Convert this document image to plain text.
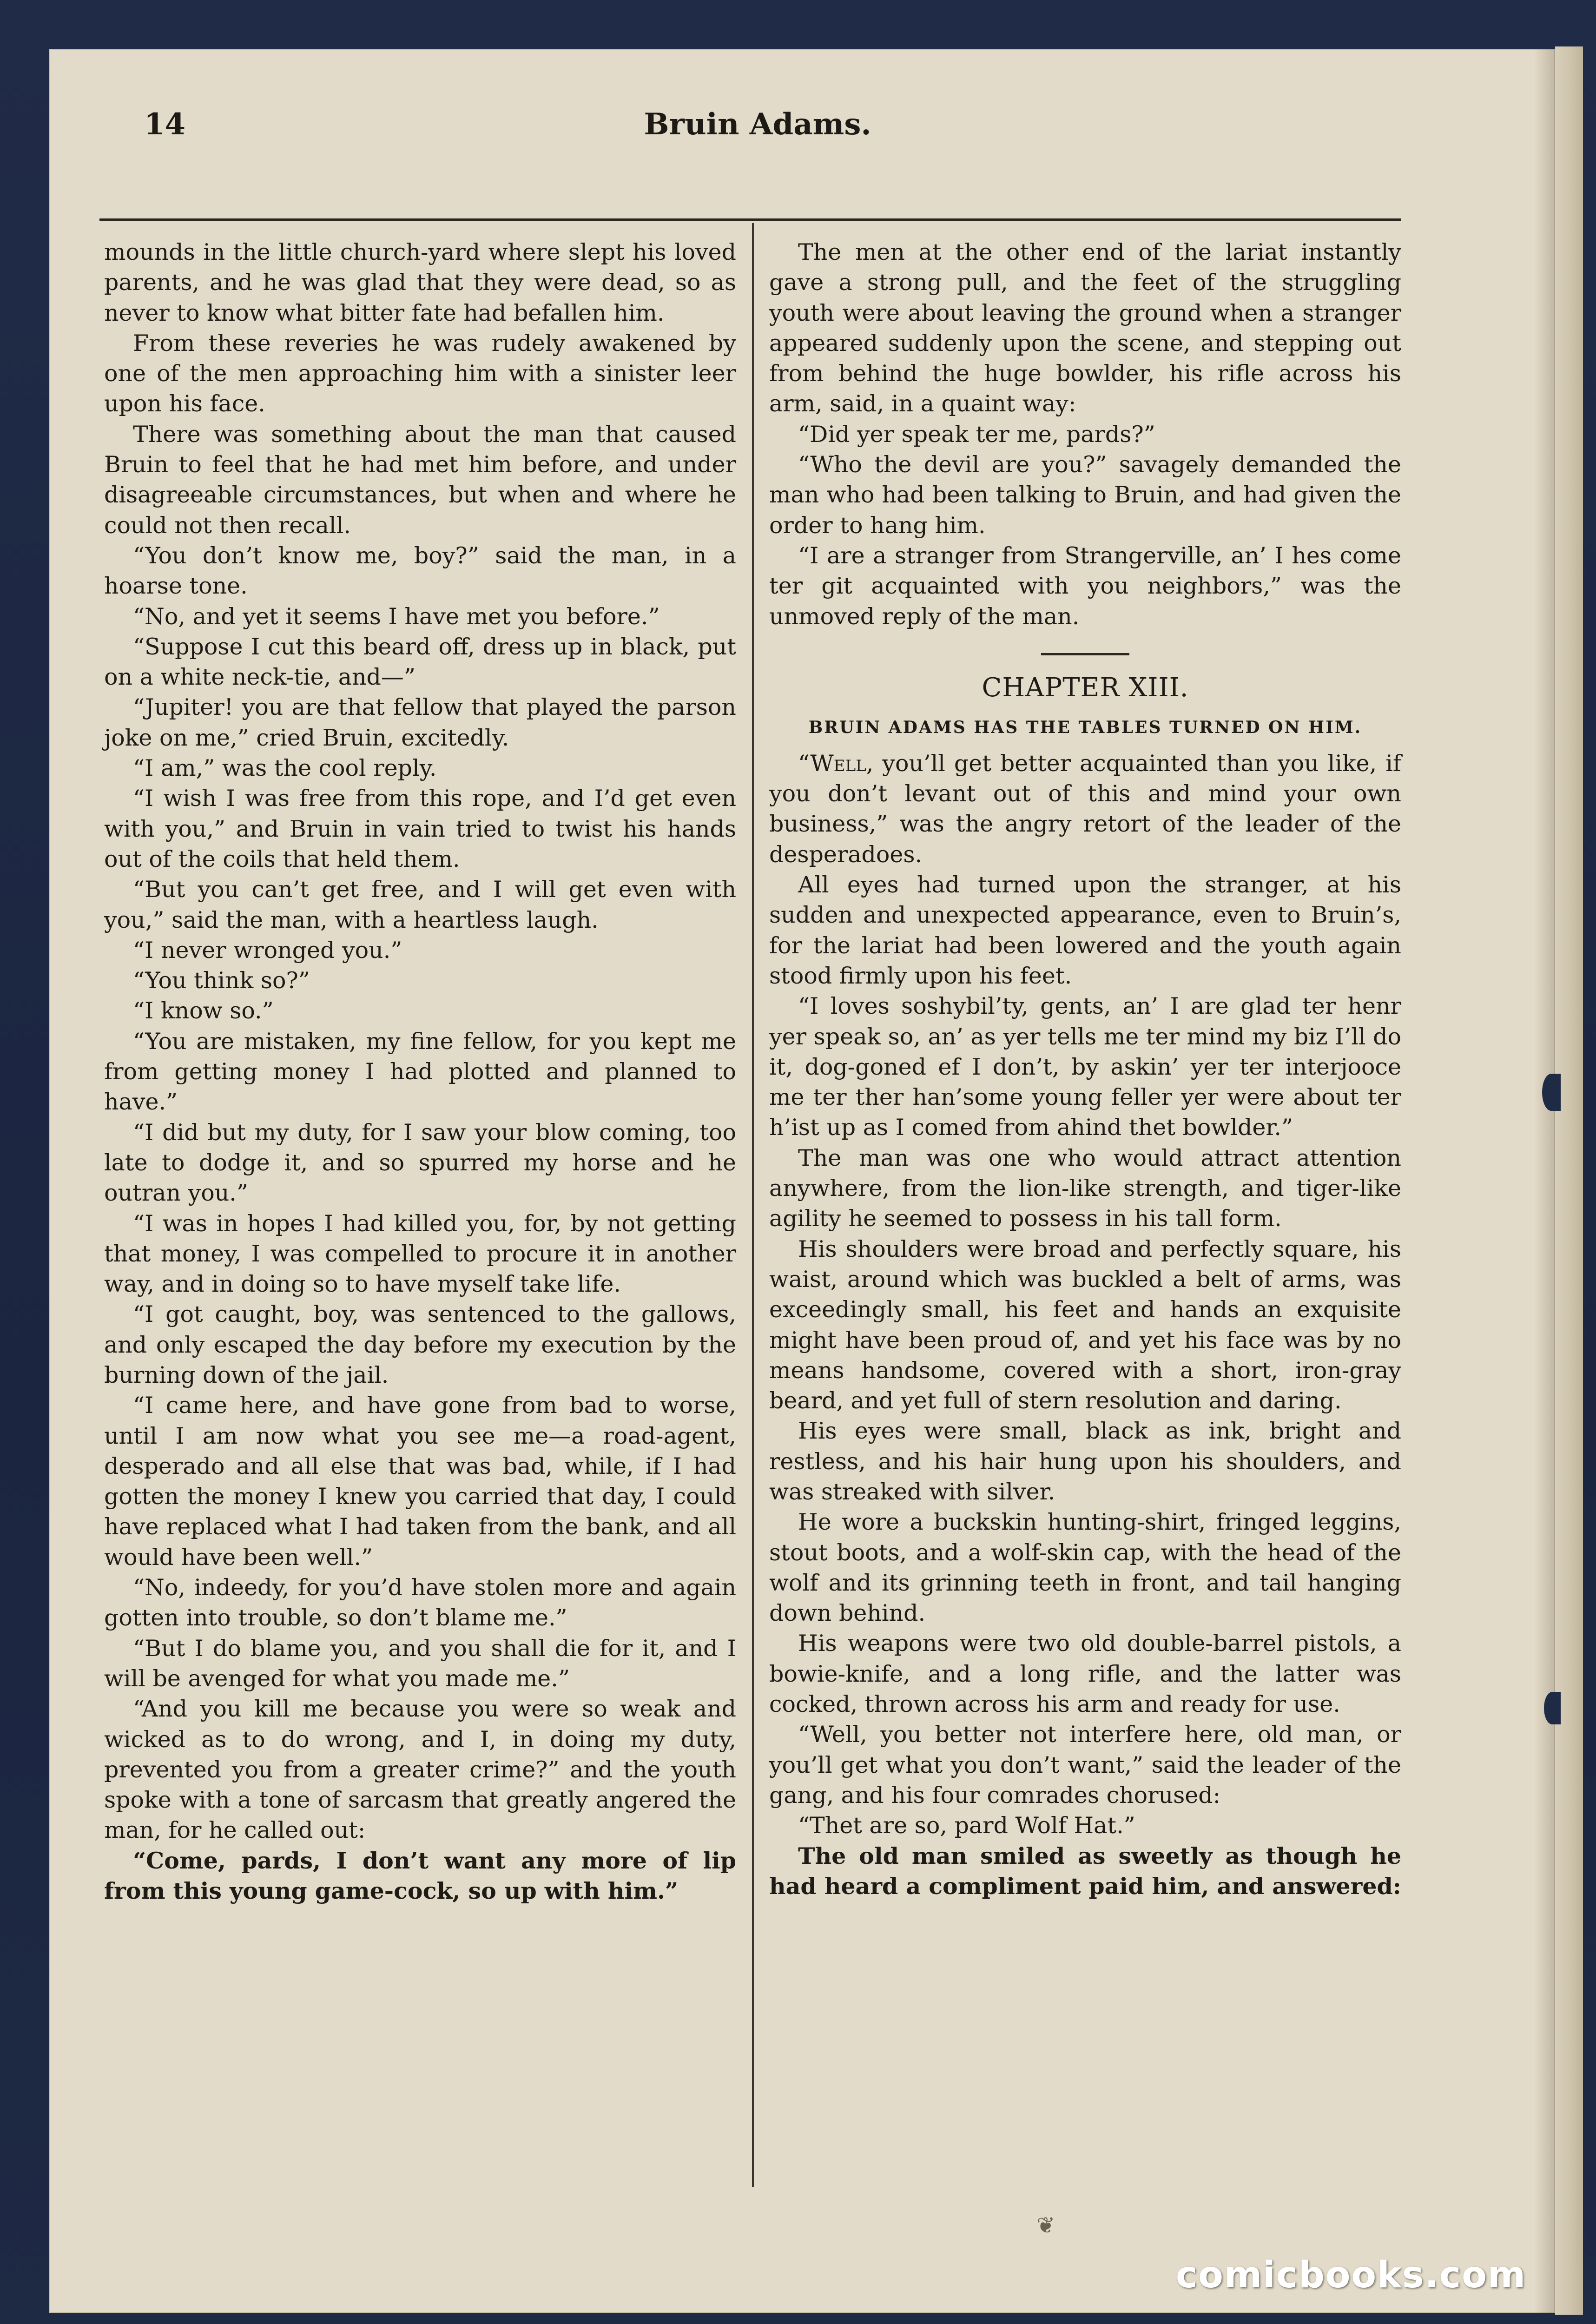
14	Bruin Adams.

mounds in the little church-yard where slept his loved parents, and he was glad that they were dead, so as never to know what bitter fate had befallen him.

From these reveries he was rudely awakened by one of the men approaching him with a sinister leer upon his face.

There was something about the man that caused Bruin to feel that he had met him before, and under disagreeable circumstances, but when and where he could not then recall.

“You don’t know me, boy?” said the man, in a hoarse tone.

“No, and yet it seems I have met you before.”

“Suppose I cut this beard off, dress up in black, put on a white neck-tie, and—”

“Jupiter! you are that fellow that played the parson joke on me,” cried Bruin, excitedly.

“I am,” was the cool reply.

“I wish I was free from this rope, and I’d get even with you,” and Bruin in vain tried to twist his hands out of the coils that held them.

“But you can’t get free, and I will get even with you,” said the man, with a heartless laugh.

“I never wronged you.”

“You think so?”

“I know so.”

“You are mistaken, my fine fellow, for you kept me from getting money I had plotted and planned to have.”

“I did but my duty, for I saw your blow coming, too late to dodge it, and so spurred my horse and he outran you.”

“I was in hopes I had killed you, for, by not getting that money, I was compelled to procure it in another way, and in doing so to have myself take life.

“I got caught, boy, was sentenced to the gallows, and only escaped the day before my execution by the burning down of the jail.

“I came here, and have gone from bad to worse, until I am now what you see me—a road-agent, desperado and all else that was bad, while, if I had gotten the money I knew you carried that day, I could have replaced what I had taken from the bank, and all would have been well.”

“No, indeedy, for you’d have stolen more and again gotten into trouble, so don’t blame me.”

“But I do blame you, and you shall die for it, and I will be avenged for what you made me.”

“And you kill me because you were so weak and wicked as to do wrong, and I, in doing my duty, prevented you from a greater crime?” and the youth spoke with a tone of sarcasm that greatly angered the man, for he called out:

“Come, pards, I don’t want any more of lip from this young game-cock, so up with him.”

The men at the other end of the lariat instantly gave a strong pull, and the feet of the struggling youth were about leaving the ground when a stranger appeared suddenly upon the scene, and stepping out from behind the huge bowlder, his rifle across his arm, said, in a quaint way:

“Did yer speak ter me, pards?”

“Who the devil are you?” savagely demanded the man who had been talking to Bruin, and had given the order to hang him.

“I are a stranger from Strangerville, an’ I hes come ter git acquainted with you neighbors,” was the unmoved reply of the man.

CHAPTER XIII.
BRUIN ADAMS HAS THE TABLES TURNED ON HIM.

“Well, you’ll get better acquainted than you like, if you don’t levant out of this and mind your own business,” was the angry retort of the leader of the desperadoes.

All eyes had turned upon the stranger, at his sudden and unexpected appearance, even to Bruin’s, for the lariat had been lowered and the youth again stood firmly upon his feet.

“I loves soshybil’ty, gents, an’ I are glad ter henr yer speak so, an’ as yer tells me ter mind my biz I’ll do it, dog-goned ef I don’t, by askin’ yer ter interjooce me ter ther han’some young feller yer were about ter h’ist up as I comed from ahind thet bowlder.”

The man was one who would attract attention anywhere, from the lion-like strength, and tiger-like agility he seemed to possess in his tall form.

His shoulders were broad and perfectly square, his waist, around which was buckled a belt of arms, was exceedingly small, his feet and hands an exquisite might have been proud of, and yet his face was by no means handsome, covered with a short, iron-gray beard, and yet full of stern resolution and daring.

His eyes were small, black as ink, bright and restless, and his hair hung upon his shoulders, and was streaked with silver.

He wore a buckskin hunting-shirt, fringed leggins, stout boots, and a wolf-skin cap, with the head of the wolf and its grinning teeth in front, and tail hanging down behind.

His weapons were two old double-barrel pistols, a bowie-knife, and a long rifle, and the latter was cocked, thrown across his arm and ready for use.

“Well, you better not interfere here, old man, or you’ll get what you don’t want,” said the leader of the gang, and his four comrades chorused:

“Thet are so, pard Wolf Hat.”

The old man smiled as sweetly as though he had heard a compliment paid him, and answered:

❦
comicbooks.com
